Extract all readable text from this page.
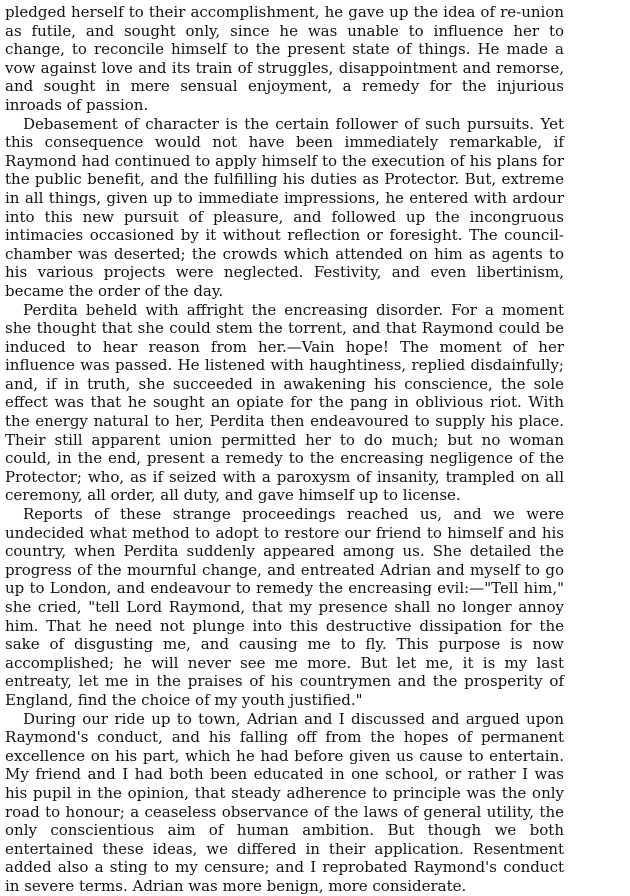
pledged herself to their accomplishment, he gave up the idea of re-union as futile, and sought only, since he was unable to influence her to change, to reconcile himself to the present state of things. He made a vow against love and its train of struggles, disappointment and remorse, and sought in mere sensual enjoyment, a remedy for the injurious inroads of passion.

Debasement of character is the certain follower of such pursuits. Yet this consequence would not have been immediately remarkable, if Raymond had continued to apply himself to the execution of his plans for the public benefit, and the fulfilling his duties as Protector. But, extreme in all things, given up to immediate impressions, he entered with ardour into this new pursuit of pleasure, and followed up the incongruous intimacies occasioned by it without reflection or foresight. The council-chamber was deserted; the crowds which attended on him as agents to his various projects were neglected. Festivity, and even libertinism, became the order of the day.

Perdita beheld with affright the encreasing disorder. For a moment she thought that she could stem the torrent, and that Raymond could be induced to hear reason from her.—Vain hope! The moment of her influence was passed. He listened with haughtiness, replied disdainfully; and, if in truth, she succeeded in awakening his conscience, the sole effect was that he sought an opiate for the pang in oblivious riot. With the energy natural to her, Perdita then endeavoured to supply his place. Their still apparent union permitted her to do much; but no woman could, in the end, present a remedy to the encreasing negligence of the Protector; who, as if seized with a paroxysm of insanity, trampled on all ceremony, all order, all duty, and gave himself up to license.

Reports of these strange proceedings reached us, and we were undecided what method to adopt to restore our friend to himself and his country, when Perdita suddenly appeared among us. She detailed the progress of the mournful change, and entreated Adrian and myself to go up to London, and endeavour to remedy the encreasing evil:—"Tell him," she cried, "tell Lord Raymond, that my presence shall no longer annoy him. That he need not plunge into this destructive dissipation for the sake of disgusting me, and causing me to fly. This purpose is now accomplished; he will never see me more. But let me, it is my last entreaty, let me in the praises of his countrymen and the prosperity of England, find the choice of my youth justified."

During our ride up to town, Adrian and I discussed and argued upon Raymond's conduct, and his falling off from the hopes of permanent excellence on his part, which he had before given us cause to entertain. My friend and I had both been educated in one school, or rather I was his pupil in the opinion, that steady adherence to principle was the only road to honour; a ceaseless observance of the laws of general utility, the only conscientious aim of human ambition. But though we both entertained these ideas, we differed in their application. Resentment added also a sting to my censure; and I reprobated Raymond's conduct in severe terms. Adrian was more benign, more considerate.
